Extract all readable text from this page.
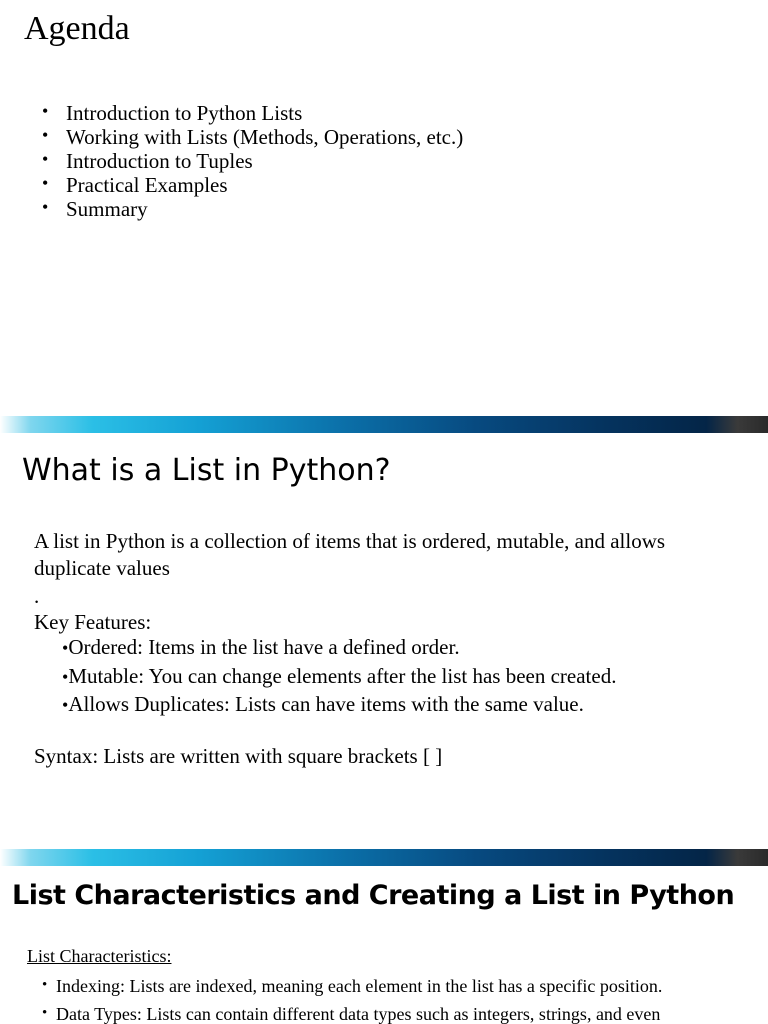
Agenda
• Introduction to Python Lists
• Working with Lists (Methods, Operations, etc.)
• Introduction to Tuples
• Practical Examples
• Summary
What is a List in Python?

A list in Python is a collection of items that is ordered, mutable, and allows duplicate values

.

Key Features:

•Ordered: Items in the list have a defined order.
•Mutable: You can change elements after the list has been created.
•Allows Duplicates: Lists can have items with the same value.

Syntax: Lists are written with square brackets [ ]

List Characteristics and Creating a List in Python

List Characteristics:

• Indexing: Lists are indexed, meaning each element in the list has a specific position.
• Data Types: Lists can contain different data types such as integers, strings, and even
